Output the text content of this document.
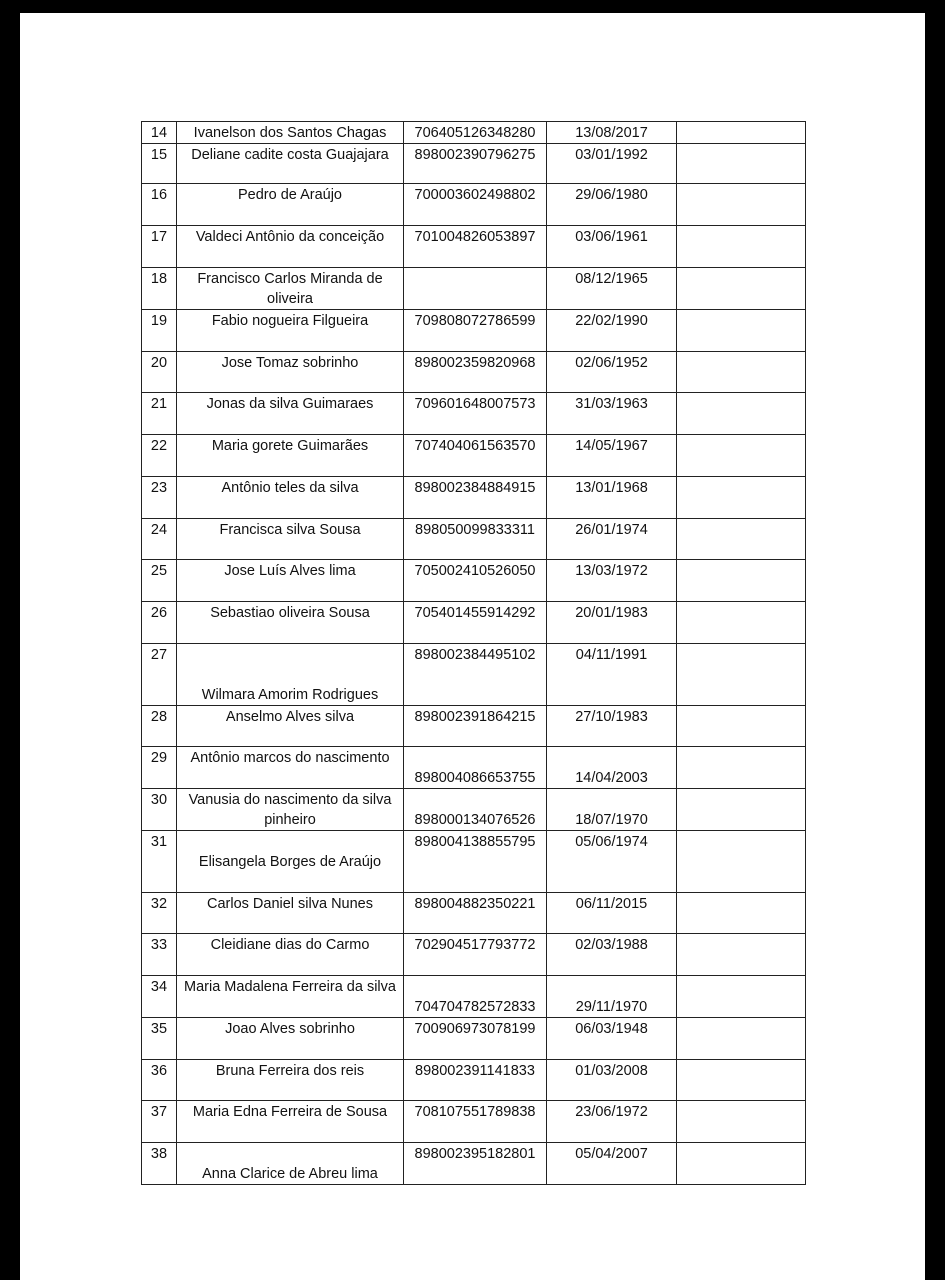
14	Ivanelson dos Santos Chagas	706405126348280	13/08/2017	
15	Deliane cadite costa Guajajara	898002390796275	03/01/1992	
16	Pedro de Araújo	700003602498802	29/06/1980	
17	Valdeci Antônio da conceição	701004826053897	03/06/1961	
18	Francisco Carlos Miranda de oliveira		08/12/1965	
19	Fabio nogueira Filgueira	709808072786599	22/02/1990	
20	Jose Tomaz sobrinho	898002359820968	02/06/1952	
21	Jonas da silva Guimaraes	709601648007573	31/03/1963	
22	Maria gorete Guimarães	707404061563570	14/05/1967	
23	Antônio teles da silva	898002384884915	13/01/1968	
24	Francisca silva Sousa	898050099833311	26/01/1974	
25	Jose Luís Alves lima	705002410526050	13/03/1972	
26	Sebastiao oliveira Sousa	705401455914292	20/01/1983	
27	Wilmara Amorim Rodrigues	898002384495102	04/11/1991	
28	Anselmo Alves silva	898002391864215	27/10/1983	
29	Antônio marcos do nascimento	898004086653755	14/04/2003	
30	Vanusia do nascimento da silva pinheiro	898000134076526	18/07/1970	
31	Elisangela Borges de Araújo	898004138855795	05/06/1974	
32	Carlos Daniel silva Nunes	898004882350221	06/11/2015	
33	Cleidiane dias do Carmo	702904517793772	02/03/1988	
34	Maria Madalena Ferreira da silva	704704782572833	29/11/1970	
35	Joao Alves sobrinho	700906973078199	06/03/1948	
36	Bruna Ferreira dos reis	898002391141833	01/03/2008	
37	Maria Edna Ferreira de Sousa	708107551789838	23/06/1972	
38	Anna Clarice de Abreu lima	898002395182801	05/04/2007	
